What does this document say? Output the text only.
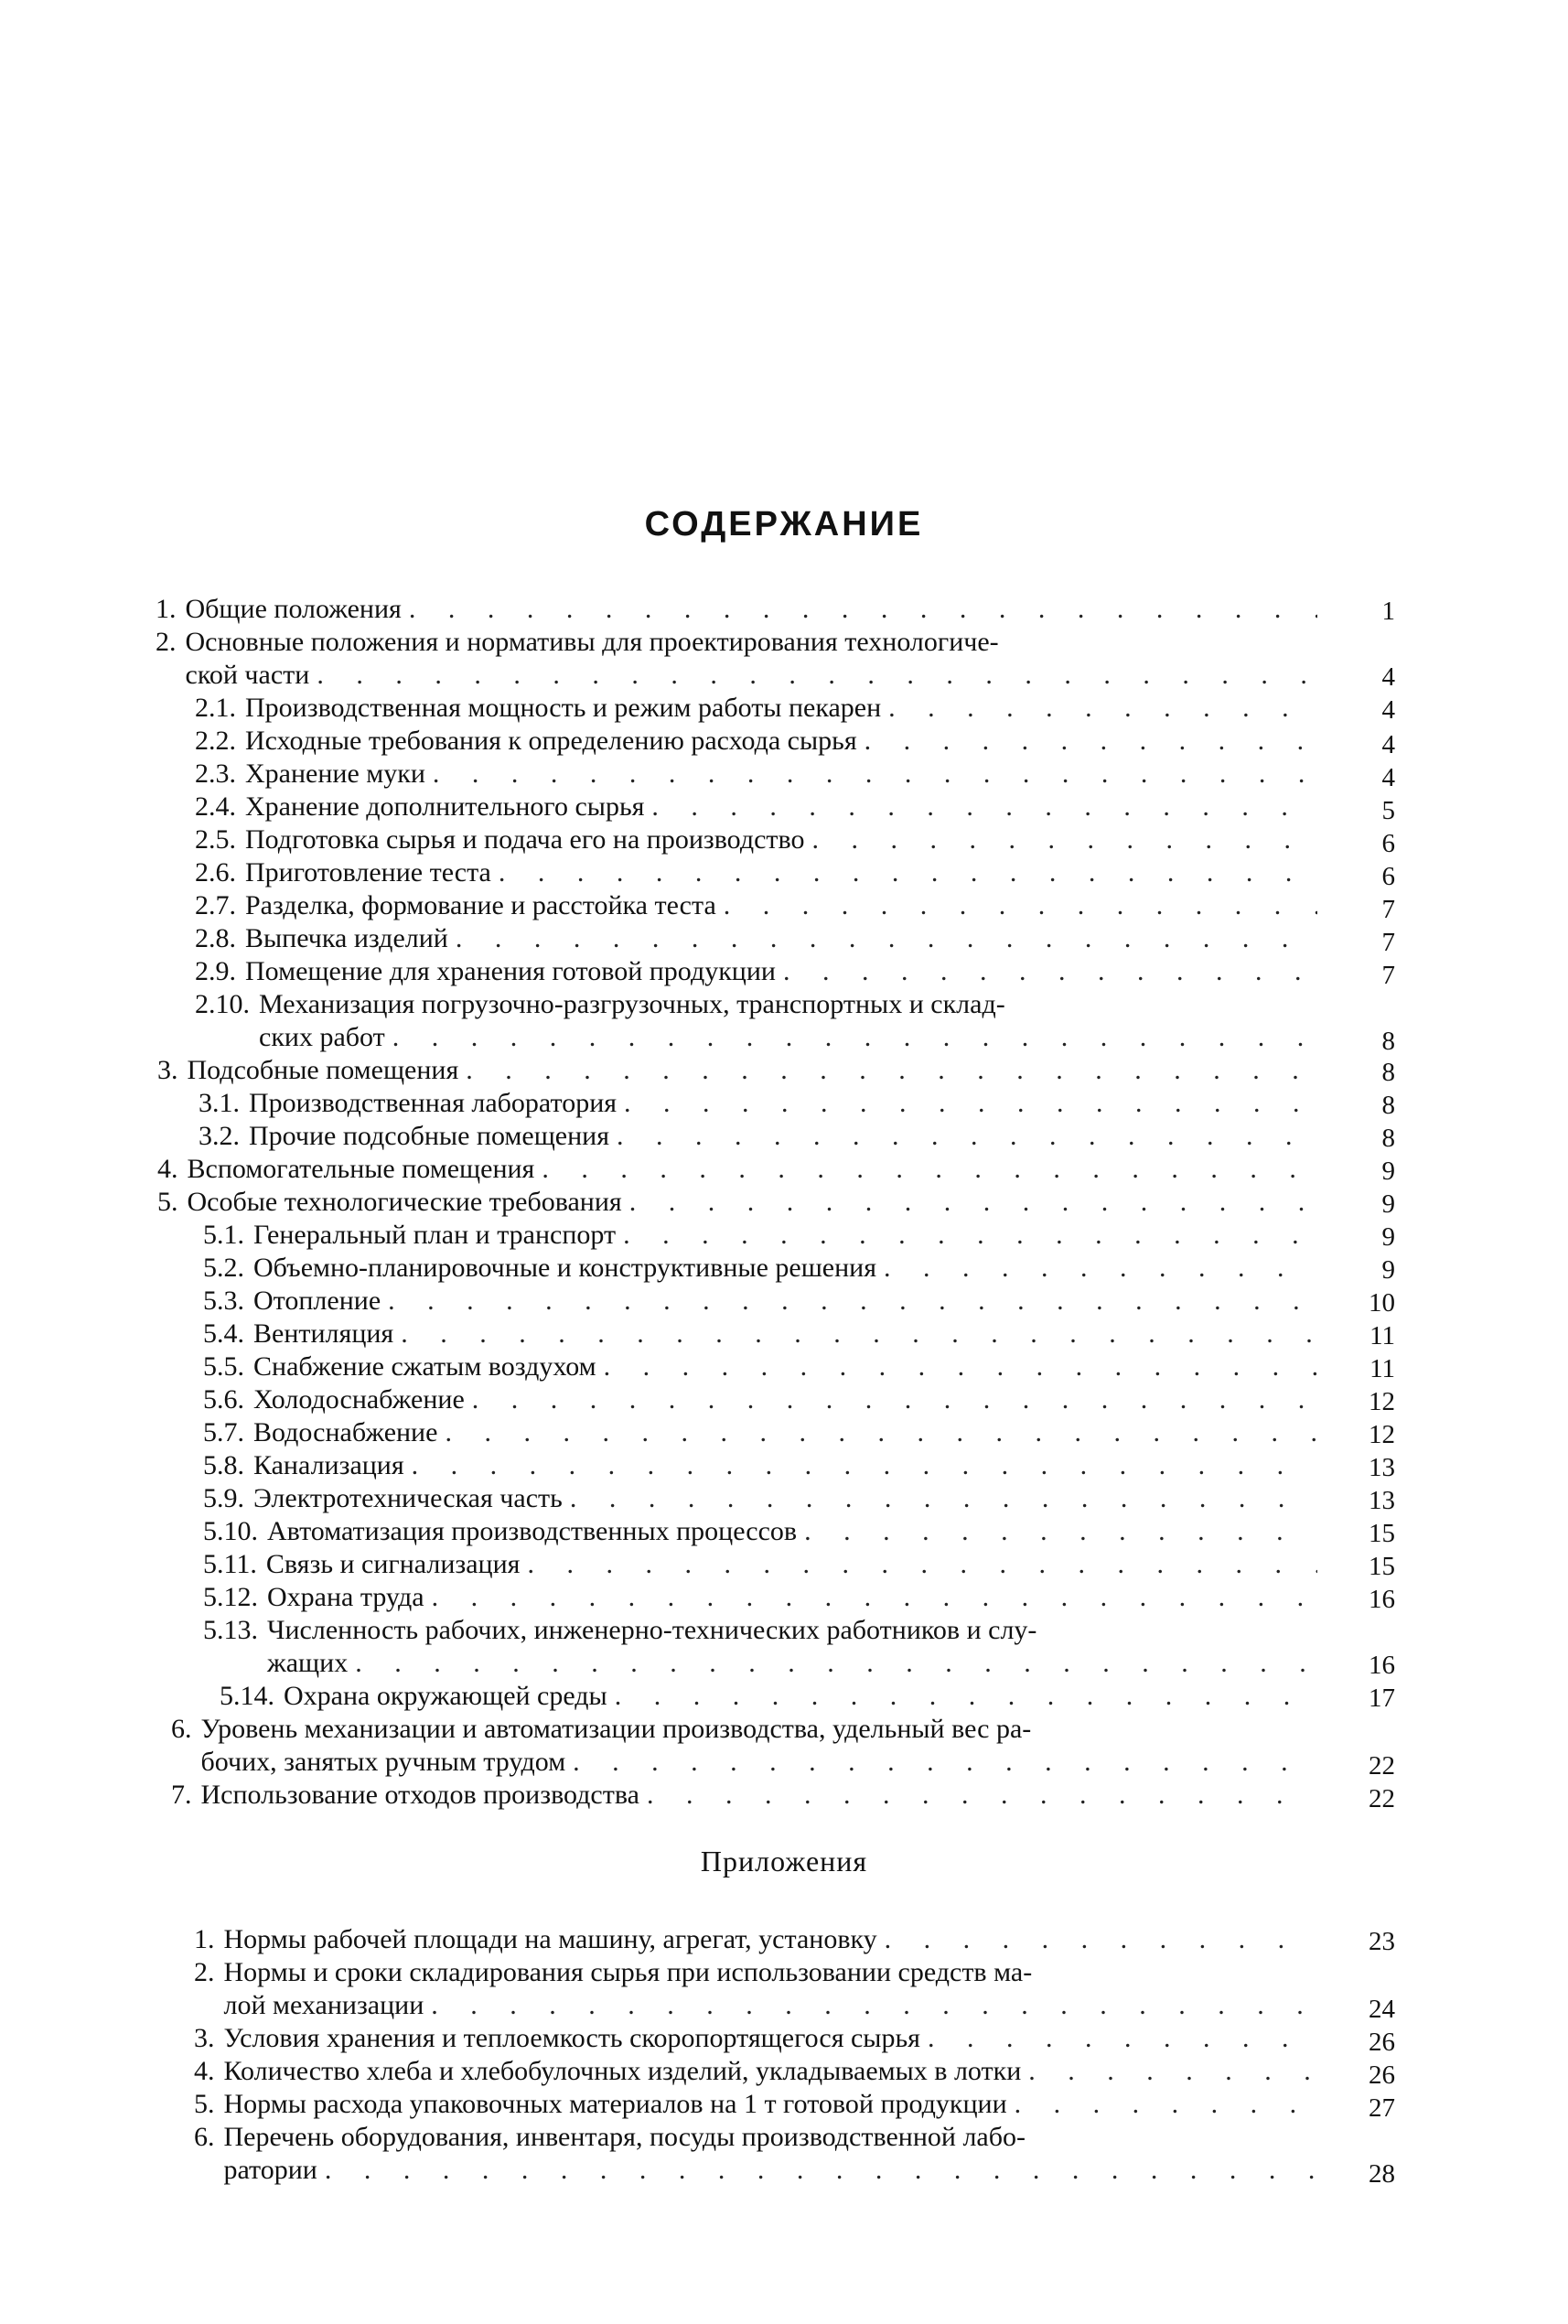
СОДЕРЖАНИЕ
1. Общие положения . . .	1
2. Основные положения и нормативы для проектирования технологиче-
ской части . . .	4
2.1. Производственная мощность и режим работы пекарен . . .	4
2.2. Исходные требования к определению расхода сырья . . .	4
2.3. Хранение муки . . .	4
2.4. Хранение дополнительного сырья . . .	5
2.5. Подготовка сырья и подача его на производство . . .	6
2.6. Приготовление теста . . .	6
2.7. Разделка, формование и расстойка теста . . .	7
2.8. Выпечка изделий . . .	7
2.9. Помещение для хранения готовой продукции . . .	7
2.10. Механизация погрузочно-разгрузочных, транспортных и склад-
ских работ . . .	8
3. Подсобные помещения . . .	8
3.1. Производственная лаборатория . . .	8
3.2. Прочие подсобные помещения . . .	8
4. Вспомогательные помещения . . .	9
5. Особые технологические требования . . .	9
5.1. Генеральный план и транспорт . . .	9
5.2. Объемно-планировочные и конструктивные решения . . .	9
5.3. Отопление . . .	10
5.4. Вентиляция . . .	11
5.5. Снабжение сжатым воздухом . . .	11
5.6. Холодоснабжение . . .	12
5.7. Водоснабжение . . .	12
5.8. Канализация . . .	13
5.9. Электротехническая часть . . .	13
5.10. Автоматизация производственных процессов . . .	15
5.11. Связь и сигнализация . . .	15
5.12. Охрана труда . . .	16
5.13. Численность рабочих, инженерно-технических работников и слу-
жащих . . .	16
5.14. Охрана окружающей среды . . .	17
6. Уровень механизации и автоматизации производства, удельный вес ра-
бочих, занятых ручным трудом . . .	22
7. Использование отходов производства . . .	22
Приложения
1. Нормы рабочей площади на машину, агрегат, установку . . .	23
2. Нормы и сроки складирования сырья при использовании средств ма-
лой механизации . . .	24
3. Условия хранения и теплоемкость скоропортящегося сырья . . .	26
4. Количество хлеба и хлебобулочных изделий, укладываемых в лотки . . .	26
5. Нормы расхода упаковочных материалов на 1 т готовой продукции . . .	27
6. Перечень оборудования, инвентаря, посуды производственной лабо-
ратории . . .	28
